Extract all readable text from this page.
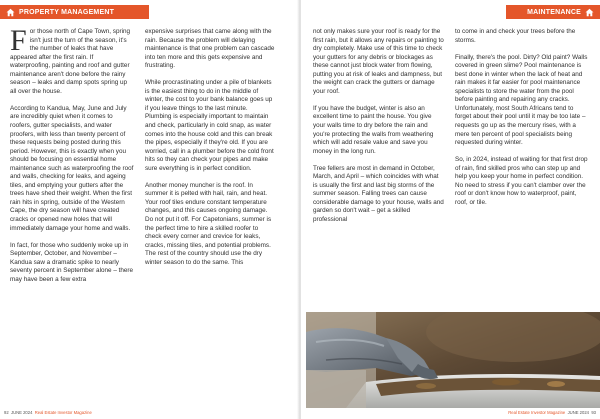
PROPERTY MANAGEMENT

For those north of Cape Town, spring isn't just the turn of the season, it's the number of leaks that have appeared after the first rain. If waterproofing, painting and roof and gutter maintenance aren't done before the rainy season – leaks and damp spots spring up all over the house.

According to Kandua, May, June and July are incredibly quiet when it comes to roofers, gutter specialists, and water proofers, with less than twenty percent of these requests being posted during this period. However, this is exactly when you should be focusing on essential home maintenance such as waterproofing the roof and walls, checking for leaks, and ageing tiles, and emptying your gutters after the trees have shed their weight. When the first rain hits in spring, outside of the Western Cape, the dry season will have created cracks or opened new holes that will immediately damage your home and walls.

In fact, for those who suddenly woke up in September, October, and November – Kandua saw a dramatic spike to nearly seventy percent in September alone – there may have been a few extra

expensive surprises that came along with the rain. Because the problem will delaying maintenance is that one problem can cascade into ten more and this gets expensive and frustrating.

While procrastinating under a pile of blankets is the easiest thing to do in the middle of winter, the cost to your bank balance goes up if you leave things to the last minute. Plumbing is especially important to maintain and check, particularly in cold snap, as water comes into the house cold and this can break the pipes, especially if they're old. If you are worried, call in a plumber before the cold front hits so they can check your pipes and make sure everything is in perfect condition.

Another money muncher is the roof. In summer it is pelted with hail, rain, and heat. Your roof tiles endure constant temperature changes, and this causes ongoing damage. Do not put it off. For Capetonians, summer is the perfect time to hire a skilled roofer to check every corner and crevice for leaks, cracks, missing tiles, and potential problems. The rest of the country should use the dry winter season to do the same. This

92 JUNE 2024 Real Estate Investor Magazine
MAINTENANCE
Real Estate Investor Magazine JUNE 2024 93

not only makes sure your roof is ready for the first rain, but it allows any repairs or painting to dry completely. Make use of this time to check your gutters for any debris or blockages as these cannot just block water from flowing, putting you at risk of leaks and dampness, but the weight can crack the gutters or damage your roof.

If you have the budget, winter is also an excellent time to paint the house. You give your walls time to dry before the rain and you're protecting the walls from weathering which will add resale value and save you money in the long run.

Tree fellers are most in demand in October, March, and April – which coincides with what is usually the first and last big storms of the summer season. Falling trees can cause considerable damage to your house, walls and garden so don't wait – get a skilled professional

to come in and check your trees before the storms.

Finally, there's the pool. Dirty? Old paint? Walls covered in green slime? Pool maintenance is best done in winter when the lack of heat and rain makes it far easier for pool maintenance specialists to store the water from the pool before painting and repairing any cracks. Unfortunately, most South Africans tend to forget about their pool until it may be too late – requests go up as the mercury rises, with a mere ten percent of pool specialists being requested during winter.

So, in 2024, instead of waiting for that first drop of rain, find skilled pros who can step up and help you keep your home in perfect condition. No need to stress if you can't clamber over the roof or don't know how to waterproof, paint, roof, or tile.
